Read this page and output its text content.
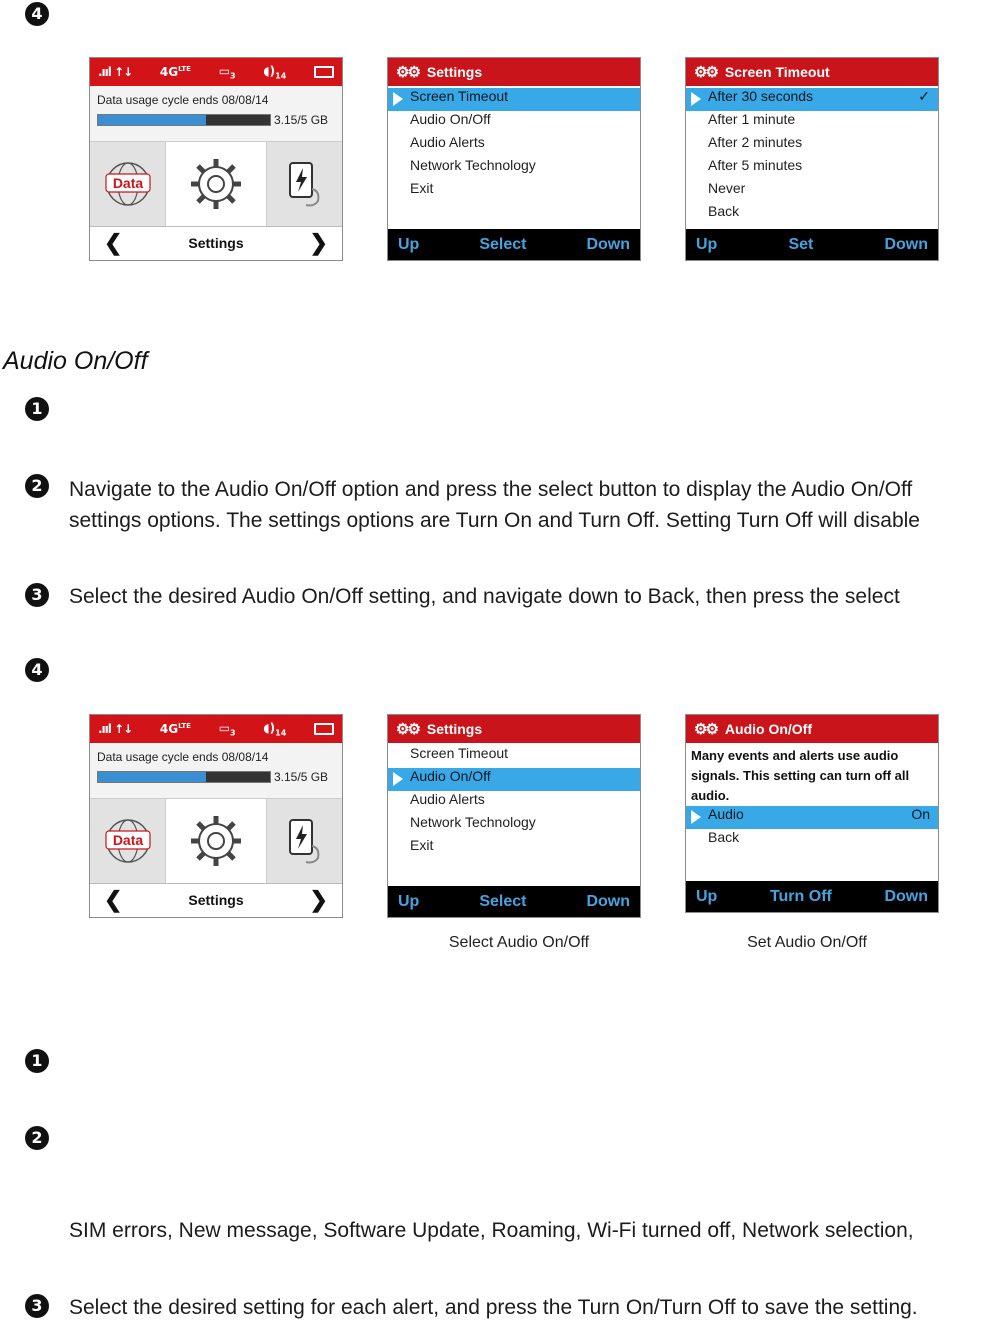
4
.ııl ↑↓ $4G^{LTE}$ $▭_3$ $◖)_{14}$
Data usage cycle ends 08/08/14
3.15/5 GB
Data
❮	Settings	❯
⚙⚙ Settings
Screen Timeout
Audio On/Off
Audio Alerts
Network Technology
Exit
Up	Select	Down
⚙⚙ Screen Timeout
After 30 seconds	✓
After 1 minute
After 2 minutes
After 5 minutes
Never
Back
Up	Set	Down
Audio On/Off
1
2	Navigate to the Audio On/Off option and press the select button to display the Audio On/Off settings options. The settings options are Turn On and Turn Off. Setting Turn Off will disable
3	Select the desired Audio On/Off setting, and navigate down to Back, then press the select
4
.ııl ↑↓ $4G^{LTE}$ $▭_3$ $◖)_{14}$
Data usage cycle ends 08/08/14
3.15/5 GB
Data
❮	Settings	❯
⚙⚙ Settings
Screen Timeout
Audio On/Off
Audio Alerts
Network Technology
Exit
Up	Select	Down
⚙⚙ Audio On/Off
Many events and alerts use audio signals. This setting can turn off all audio.
Audio	On
Back
Up	Turn Off	Down
Select Audio On/Off	Set Audio On/Off
1
2
SIM errors, New message, Software Update, Roaming, Wi-Fi turned off, Network selection,
3	Select the desired setting for each alert, and press the Turn On/Turn Off to save the setting.
